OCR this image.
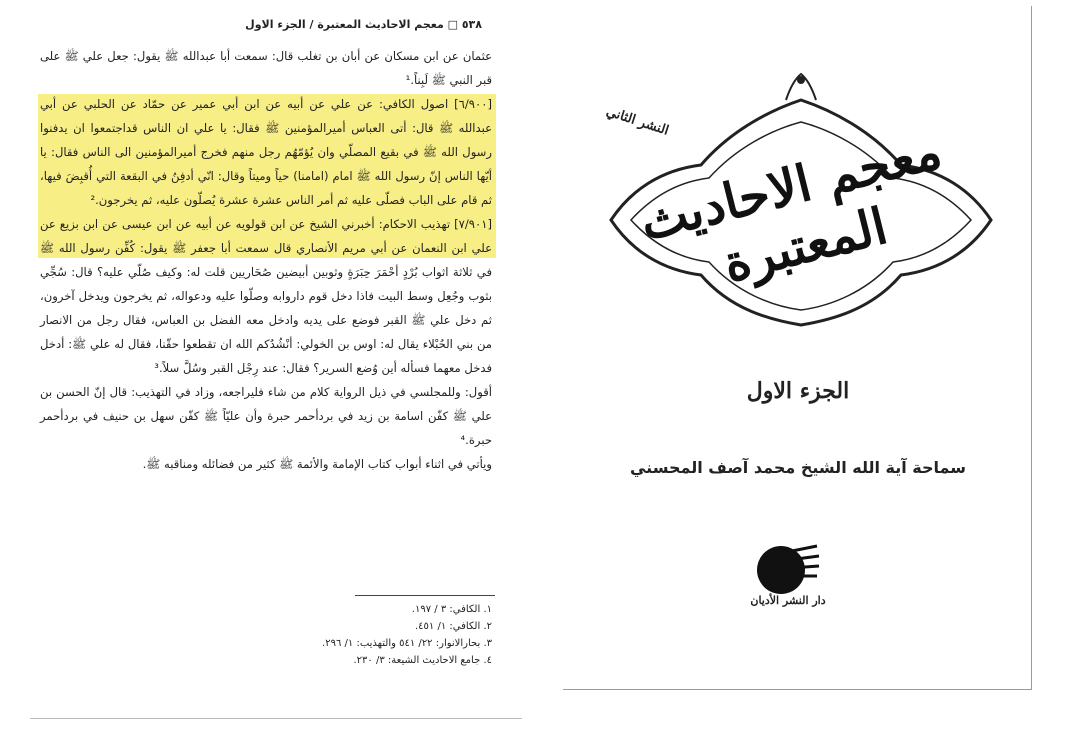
٥٣٨ □ معجم الاحاديث المعتبرة / الجزء الاول

عثمان عن ابن مسكان عن أبان بن تغلب قال: سمعت أبا عبدالله ﷺ يقول: جعل علي ﷺ على قبر النبي ﷺ لَبِناً.¹

[٦/٩٠٠] اصول الكافي: عن علي عن أبيه عن ابن أبي عمير عن حمّاد عن الحلبي عن أبي عبدالله ﷺ قال: أتى العباس أميرالمؤمنين ﷺ فقال: يا علي ان الناس قداجتمعوا ان يدفنوا رسول الله ﷺ في بقيع المصلّي وان يُؤمّهُم رجل منهم فخرج أميرالمؤمنين الى الناس فقال: يا أيّها الناس إنّ رسول الله ﷺ امام (امامنا) حياً وميتاً وقال: انّي أدفِنُ في البقعة التي أُقبِضَ فيها، ثم قام على الباب فصلّى عليه ثم أمر الناس عشرة عشرة يُصلّون عليه، ثم يخرجون.²

[٧/٩٠١] تهذيب الاحكام: أخبرني الشيخ عن ابن قولويه عن أبيه عن ابن عيسى عن ابن بزيع عن علي ابن النعمان عن أبي مريم الأنصاري قال سمعت أبا جعفر ﷺ يقول: كُفِّن رسول الله ﷺ في ثلاثة اثواب بُرْدٍ أحْمَرَ حِبَرَةٍ وثوبين أبيضين صُحَاريين قلت له: وكيف صُلّي عليه؟ قال: سُجِّي بثوب وجُعِل وسط البيت فاذا دخل قوم داروابه وصلّوا عليه ودعواله، ثم يخرجون ويدخل آخرون، ثم دخل علي ﷺ القبر فوضع على يديه وادخل معه الفضل بن العباس، فقال رجل من الانصار من بني الحُبْلاء يقال له: اوس بن الخولي: أنْشُدُكم الله ان تقطعوا حقّنا، فقال له علي ﷺ: أدخل فدخل معهما فسأله أين وُضع السرير؟ فقال: عند رِجْل القبر وسُلَّ سلاً.³

أقول: وللمجلسي في ذيل الرواية كلام من شاء فليراجعه، وزاد في التهذيب: قال إنّ الحسن بن علي ﷺ كفّن اسامة بن زيد في بردأحمر حبرة وأن عليّاً ﷺ كفّن سهل بن حنيف في بردأحمر حبرة.⁴

ويأتي في اثناء أبواب كتاب الإمامة والأئمة ﷺ كثير من فضائله ومناقبه ﷺ.

١. الكافي: ٣ / ١٩٧.
٢. الكافي: ١/ ٤٥١.
٣. بحارالانوار: ٢٢/ ٥٤١ والتهذيب: ١/ ٢٩٦.
٤. جامع الاحاديث الشيعة: ٣/ ٢٣٠.
النشر الثاني
معجم الاحاديث المعتبرة
الجزء الاول
سماحة آية الله الشيخ محمد آصف المحسني
دار النشر الأديان
